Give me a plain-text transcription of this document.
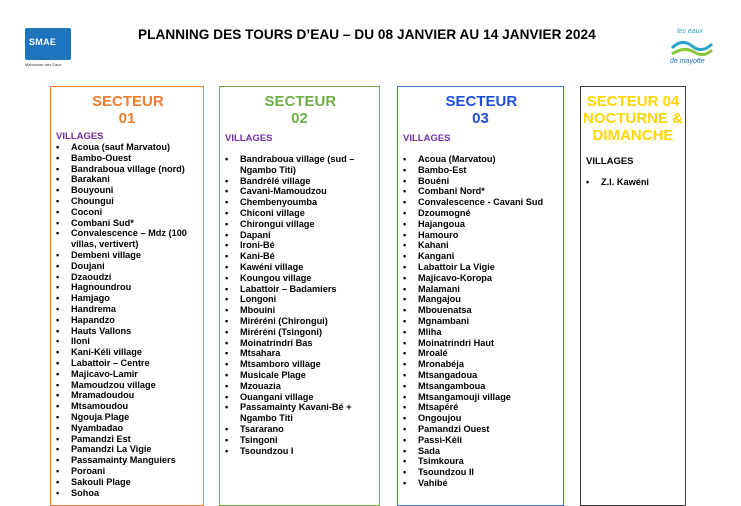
SMAE
Mahoraise des Eaux
PLANNING DES TOURS D’EAU – DU 08 JANVIER AU 14 JANVIER 2024	les eaux
de mayotte
SECTEUR 01
VILLAGES
• Acoua (sauf Marvatou)
• Bambo-Ouest
• Bandraboua village (nord)
• Barakani
• Bouyouni
• Choungui
• Coconi
• Combani Sud*
• Convalescence – Mdz (100 villas, vertivert)
• Dembeni village
• Doujani
• Dzaoudzi
• Hagnoundrou
• Hamjago
• Handrema
• Hapandzo
• Hauts Vallons
• Iloni
• Kani-Kéli village
• Labattoir – Centre
• Majicavo-Lamir
• Mamoudzou village
• Mramadoudou
• Mtsamoudou
• Ngouja Plage
• Nyambadao
• Pamandzi Est
• Pamandzi La Vigie
• Passamainty Manguiers
• Poroani
• Sakouli Plage
• Sohoa
SECTEUR 02
VILLAGES
• Bandraboua village (sud – Ngambo Titi)
• Bandrélé village
• Cavani-Mamoudzou
• Chembenyoumba
• Chiconi village
• Chirongui village
• Dapani
• Ironi-Bé
• Kani-Bé
• Kawéni village
• Koungou village
• Labattoir – Badamiers
• Longoni
• Mbouini
• Miréréni (Chirongui)
• Miréréni (Tsingoni)
• Moinatrindri Bas
• Mtsahara
• Mtsamboro village
• Musicale Plage
• Mzouazia
• Ouangani village
• Passamainty Kavani-Bé + Ngambo Titi
• Tsararano
• Tsingoni
• Tsoundzou I
SECTEUR 03
VILLAGES
• Acoua (Marvatou)
• Bambo-Est
• Bouéni
• Combani Nord*
• Convalescence - Cavani Sud
• Dzoumogné
• Hajangoua
• Hamouro
• Kahani
• Kangani
• Labattoir La Vigie
• Majicavo-Koropa
• Malamani
• Mangajou
• Mbouenatsa
• Mgnambani
• Mliha
• Moinatrindri Haut
• Mroalé
• Mronabéja
• Mtsangadoua
• Mtsangamboua
• Mtsangamouji village
• Mtsapéré
• Ongoujou
• Pamandzi Ouest
• Passi-Kéli
• Sada
• Tsimkoura
• Tsoundzou II
• Vahibé
SECTEUR 04 NOCTURNE & DIMANCHE
VILLAGES
• Z.I. Kawéni
